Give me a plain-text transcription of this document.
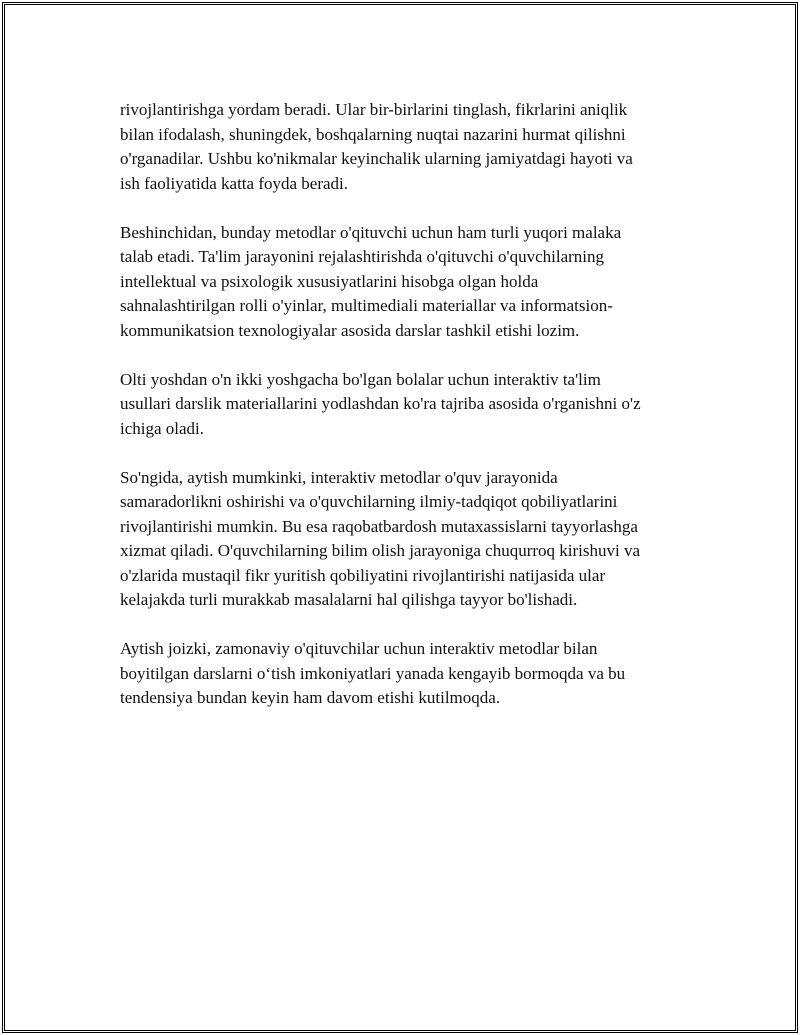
rivojlantirishga yordam beradi. Ular bir-birlarini tinglash, fikrlarini aniqlik
bilan ifodalash, shuningdek, boshqalarning nuqtai nazarini hurmat qilishni
o'rganadilar. Ushbu ko'nikmalar keyinchalik ularning jamiyatdagi hayoti va
ish faoliyatida katta foyda beradi.

Beshinchidan, bunday metodlar o'qituvchi uchun ham turli yuqori malaka
talab etadi. Ta'lim jarayonini rejalashtirishda o'qituvchi o'quvchilarning
intellektual va psixologik xususiyatlarini hisobga olgan holda
sahnalashtirilgan rolli o'yinlar, multimediali materiallar va informatsion-
kommunikatsion texnologiyalar asosida darslar tashkil etishi lozim.

Olti yoshdan o'n ikki yoshgacha bo'lgan bolalar uchun interaktiv ta'lim
usullari darslik materiallarini yodlashdan ko'ra tajriba asosida o'rganishni o'z
ichiga oladi.

So'ngida, aytish mumkinki, interaktiv metodlar o'quv jarayonida
samaradorlikni oshirishi va o'quvchilarning ilmiy-tadqiqot qobiliyatlarini
rivojlantirishi mumkin. Bu esa raqobatbardosh mutaxassislarni tayyorlashga
xizmat qiladi. O'quvchilarning bilim olish jarayoniga chuqurroq kirishuvi va
o'zlarida mustaqil fikr yuritish qobiliyatini rivojlantirishi natijasida ular
kelajakda turli murakkab masalalarni hal qilishga tayyor bo'lishadi.

Aytish joizki, zamonaviy o'qituvchilar uchun interaktiv metodlar bilan
boyitilgan darslarni o‘tish imkoniyatlari yanada kengayib bormoqda va bu
tendensiya bundan keyin ham davom etishi kutilmoqda.
